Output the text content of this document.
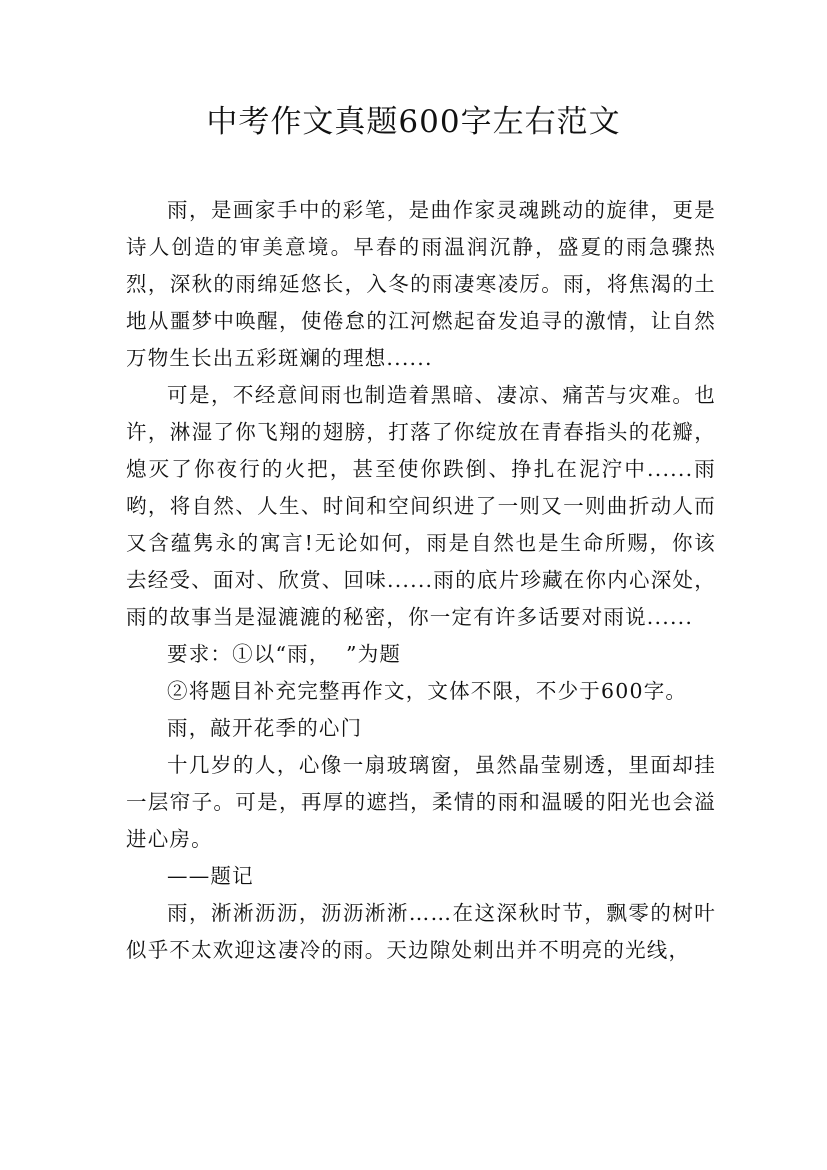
中考作文真题600字左右范文

雨，是画家手中的彩笔，是曲作家灵魂跳动的旋律，更是诗人创造的审美意境。早春的雨温润沉静，盛夏的雨急骤热烈，深秋的雨绵延悠长，入冬的雨凄寒凌厉。雨，将焦渴的土地从噩梦中唤醒，使倦怠的江河燃起奋发追寻的激情，让自然万物生长出五彩斑斓的理想......

可是，不经意间雨也制造着黑暗、凄凉、痛苦与灾难。也许，淋湿了你飞翔的翅膀，打落了你绽放在青春指头的花瓣，熄灭了你夜行的火把，甚至使你跌倒、挣扎在泥泞中......雨哟，将自然、人生、时间和空间织进了一则又一则曲折动人而又含蕴隽永的寓言!无论如何，雨是自然也是生命所赐，你该去经受、面对、欣赏、回味......雨的底片珍藏在你内心深处，雨的故事当是湿漉漉的秘密，你一定有许多话要对雨说......

要求：①以“雨，  ”为题

②将题目补充完整再作文，文体不限，不少于600字。

雨，敲开花季的心门

十几岁的人，心像一扇玻璃窗，虽然晶莹剔透，里面却挂一层帘子。可是，再厚的遮挡，柔情的雨和温暖的阳光也会溢进心房。

——题记

雨，淅淅沥沥，沥沥淅淅……在这深秋时节，飘零的树叶似乎不太欢迎这凄冷的雨。天边隙处刺出并不明亮的光线，
